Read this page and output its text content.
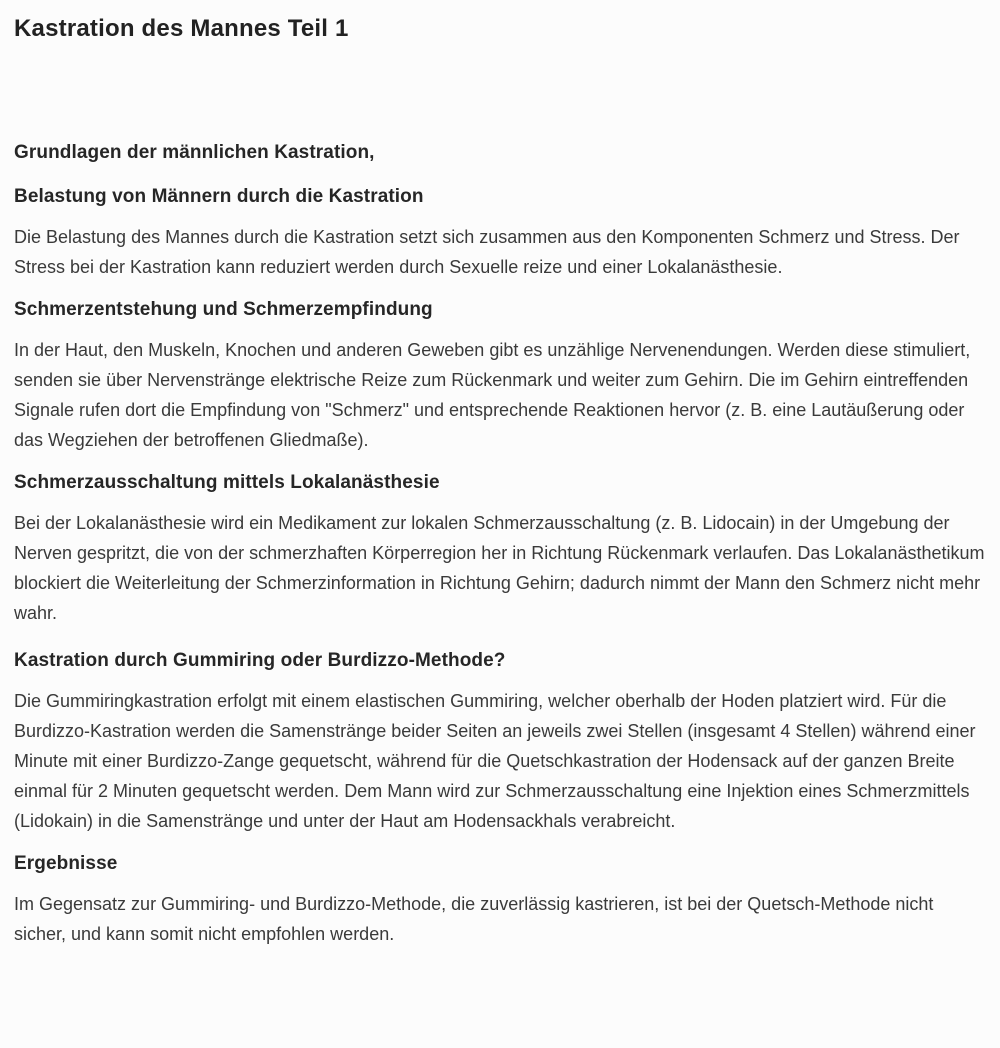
Kastration des Mannes Teil 1
Grundlagen der männlichen Kastration,
Belastung von Männern durch die Kastration

Die Belastung des Mannes durch die Kastration setzt sich zusammen aus den Komponenten Schmerz und Stress. Der Stress bei der Kastration kann reduziert werden durch Sexuelle reize und einer Lokalanästhesie.

Schmerzentstehung und Schmerzempfindung

In der Haut, den Muskeln, Knochen und anderen Geweben gibt es unzählige Nervenendungen. Werden diese stimuliert, senden sie über Nervenstränge elektrische Reize zum Rückenmark und weiter zum Gehirn. Die im Gehirn eintreffenden Signale rufen dort die Empfindung von "Schmerz" und entsprechende Reaktionen hervor (z. B. eine Lautäußerung oder das Wegziehen der betroffenen Gliedmaße).

Schmerzausschaltung mittels Lokalanästhesie

Bei der Lokalanästhesie wird ein Medikament zur lokalen Schmerzausschaltung (z. B. Lidocain) in der Umgebung der Nerven gespritzt, die von der schmerzhaften Körperregion her in Richtung Rückenmark verlaufen. Das Lokalanästhetikum blockiert die Weiterleitung der Schmerzinformation in Richtung Gehirn; dadurch nimmt der Mann den Schmerz nicht mehr wahr.

Kastration durch Gummiring oder Burdizzo-Methode?

Die Gummiringkastration erfolgt mit einem elastischen Gummiring, welcher oberhalb der Hoden platziert wird. Für die Burdizzo-Kastration werden die Samenstränge beider Seiten an jeweils zwei Stellen (insgesamt 4 Stellen) während einer Minute mit einer Burdizzo-Zange gequetscht, während für die Quetschkastration der Hodensack auf der ganzen Breite einmal für 2 Minuten gequetscht werden. Dem Mann wird zur Schmerzausschaltung eine Injektion eines Schmerzmittels (Lidokain) in die Samenstränge und unter der Haut am Hodensackhals verabreicht.

Ergebnisse

Im Gegensatz zur Gummiring- und Burdizzo-Methode, die zuverlässig kastrieren, ist bei der Quetsch-Methode nicht sicher, und kann somit nicht empfohlen werden.
